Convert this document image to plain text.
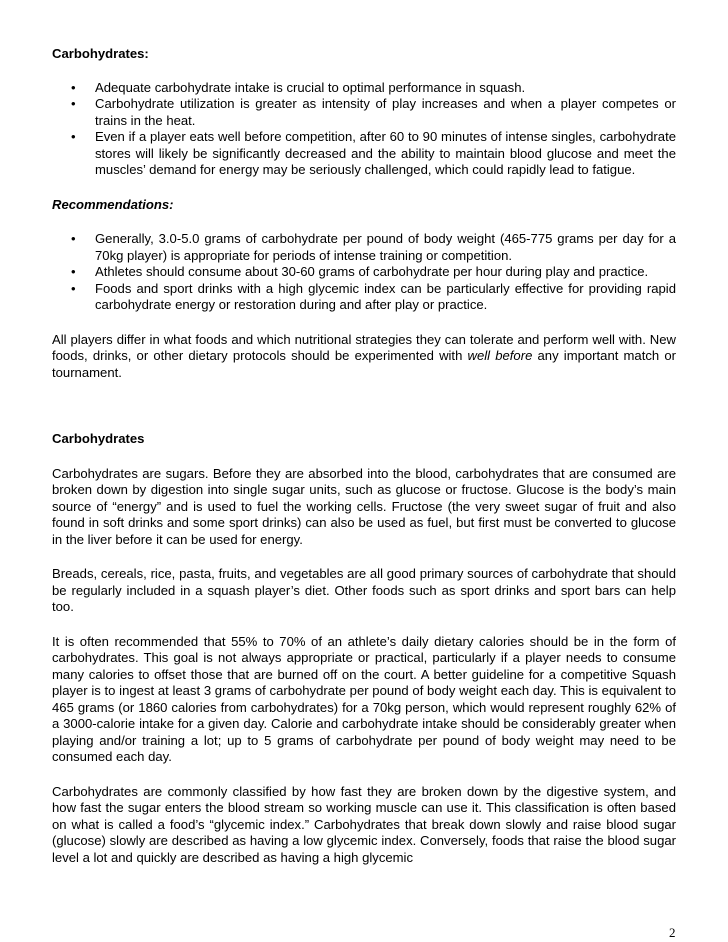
Carbohydrates:
• Adequate carbohydrate intake is crucial to optimal performance in squash.
• Carbohydrate utilization is greater as intensity of play increases and when a player competes or trains in the heat.
• Even if a player eats well before competition, after 60 to 90 minutes of intense singles, carbohydrate stores will likely be significantly decreased and the ability to maintain blood glucose and meet the muscles’ demand for energy may be seriously challenged, which could rapidly lead to fatigue.
Recommendations:
• Generally, 3.0-5.0 grams of carbohydrate per pound of body weight (465-775 grams per day for a 70kg player) is appropriate for periods of intense training or competition.
• Athletes should consume about 30-60 grams of carbohydrate per hour during play and practice.
• Foods and sport drinks with a high glycemic index can be particularly effective for providing rapid carbohydrate energy or restoration during and after play or practice.

All players differ in what foods and which nutritional strategies they can tolerate and perform well with. New foods, drinks, or other dietary protocols should be experimented with well before any important match or tournament.

Carbohydrates

Carbohydrates are sugars. Before they are absorbed into the blood, carbohydrates that are consumed are broken down by digestion into single sugar units, such as glucose or fructose. Glucose is the body’s main source of “energy” and is used to fuel the working cells. Fructose (the very sweet sugar of fruit and also found in soft drinks and some sport drinks) can also be used as fuel, but first must be converted to glucose in the liver before it can be used for energy.

Breads, cereals, rice, pasta, fruits, and vegetables are all good primary sources of carbohydrate that should be regularly included in a squash player’s diet. Other foods such as sport drinks and sport bars can help too.

It is often recommended that 55% to 70% of an athlete’s daily dietary calories should be in the form of carbohydrates. This goal is not always appropriate or practical, particularly if a player needs to consume many calories to offset those that are burned off on the court. A better guideline for a competitive Squash player is to ingest at least 3 grams of carbohydrate per pound of body weight each day. This is equivalent to 465 grams (or 1860 calories from carbohydrates) for a 70kg person, which would represent roughly 62% of a 3000-calorie intake for a given day. Calorie and carbohydrate intake should be considerably greater when playing and/or training a lot; up to 5 grams of carbohydrate per pound of body weight may need to be consumed each day.

Carbohydrates are commonly classified by how fast they are broken down by the digestive system, and how fast the sugar enters the blood stream so working muscle can use it. This classification is often based on what is called a food’s “glycemic index.” Carbohydrates that break down slowly and raise blood sugar (glucose) slowly are described as having a low glycemic index. Conversely, foods that raise the blood sugar level a lot and quickly are described as having a high glycemic

2
